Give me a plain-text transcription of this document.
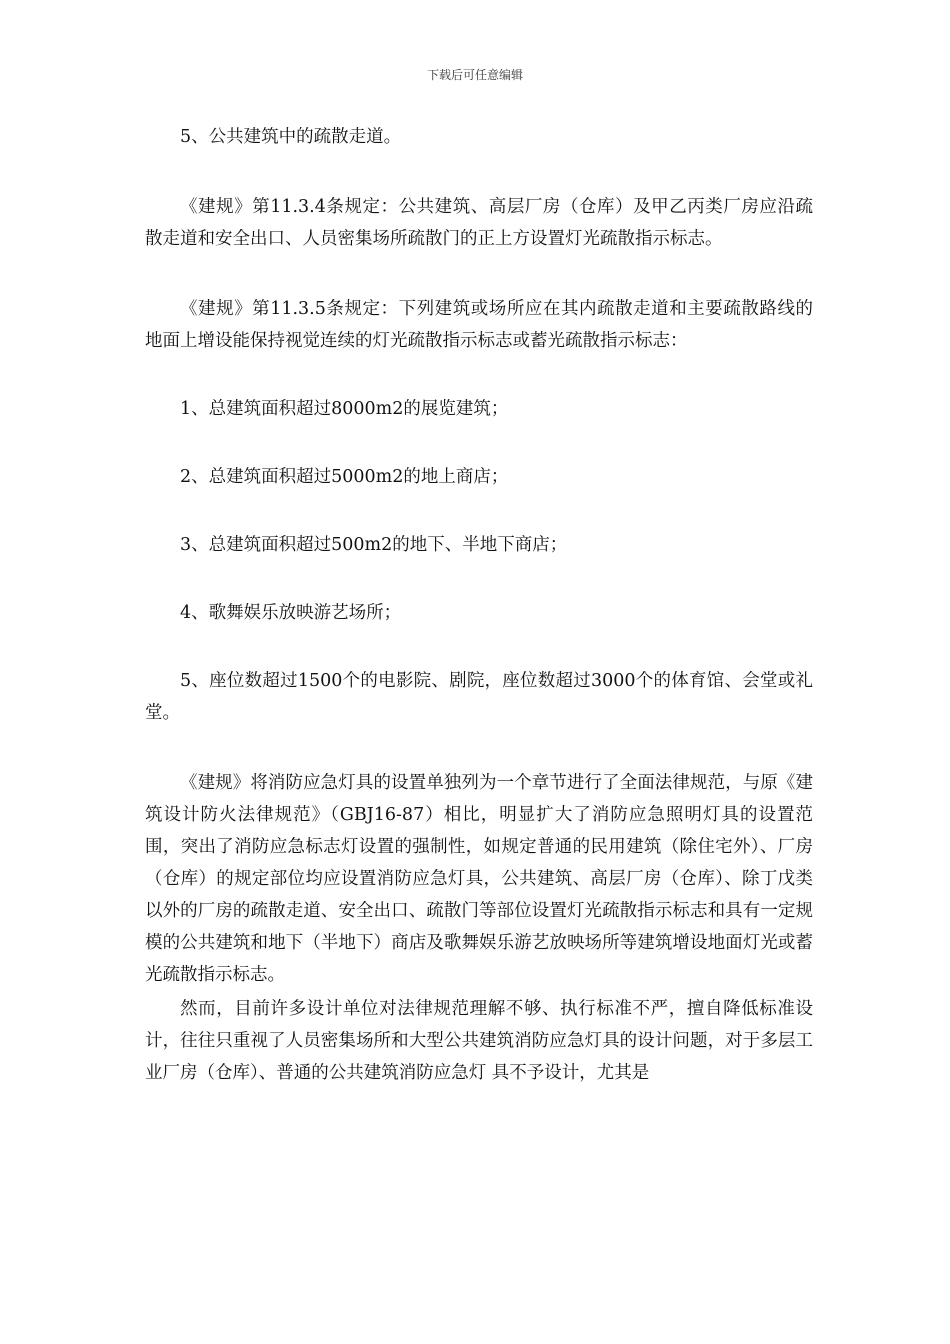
下载后可任意编辑

5、公共建筑中的疏散走道。

《建规》第11.3.4条规定：公共建筑、高层厂房（仓库）及甲乙丙类厂房应沿疏散走道和安全出口、人员密集场所疏散门的正上方设置灯光疏散指示标志。

《建规》第11.3.5条规定：下列建筑或场所应在其内疏散走道和主要疏散路线的地面上增设能保持视觉连续的灯光疏散指示标志或蓄光疏散指示标志：

1、总建筑面积超过8000m2的展览建筑；

2、总建筑面积超过5000m2的地上商店；

3、总建筑面积超过500m2的地下、半地下商店；

4、歌舞娱乐放映游艺场所；

5、座位数超过1500个的电影院、剧院，座位数超过3000个的体育馆、会堂或礼堂。

《建规》将消防应急灯具的设置单独列为一个章节进行了全面法律规范，与原《建筑设计防火法律规范》（GBJ16-87）相比，明显扩大了消防应急照明灯具的设置范围，突出了消防应急标志灯设置的强制性，如规定普通的民用建筑（除住宅外）、厂房（仓库）的规定部位均应设置消防应急灯具，公共建筑、高层厂房（仓库）、除丁戊类以外的厂房的疏散走道、安全出口、疏散门等部位设置灯光疏散指示标志和具有一定规模的公共建筑和地下（半地下）商店及歌舞娱乐游艺放映场所等建筑增设地面灯光或蓄光疏散指示标志。

然而，目前许多设计单位对法律规范理解不够、执行标准不严，擅自降低标准设计，往往只重视了人员密集场所和大型公共建筑消防应急灯具的设计问题，对于多层工业厂房（仓库）、普通的公共建筑消防应急灯 具不予设计，尤其是
